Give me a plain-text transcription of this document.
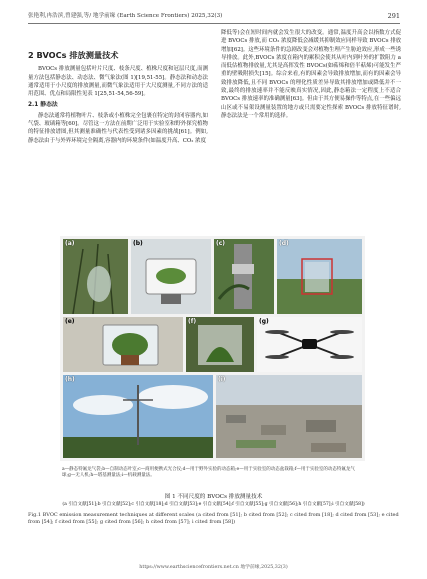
张艳利,冉浩滨,曾建强,等/ 地学前缘 (Earth Science Frontiers) 2025,32(3)	291
2 BVOCs 排放测量技术

BVOCs 排放测量包括叶片尺度、枝条尺度、植株尺度和冠层尺度,而测量方法包括静态法、动态法、微气象法(图 1)[19,51-55]。静态法和动态法通常适用于小尺度的排放测量,而微气象法适用于大尺度测量,不同方法的适用范围、优点和局限性见表 1[25,51-54,56-59]。

2.1 静态法

静态法通常将植物叶片、枝条或小植株完全包裹在特定的封闭容器内,如气袋、玻璃箱等[60]。尽管这一方法在前期广泛用于实验室和野外探究植物的特征排放谱图,但其测量准确性与代表性受到诸多因素的挑战[61]。例如,静态法由于与外界环境完全隔离,容器内的环境条件(如温度升高、CO₂ 浓度

降低等)会在短时间内就会发生很大的改变。通常,温度升高会以指数方式促进 BVOCs 排放,而 CO₂ 浓度降低会减缓其抑制效应同样导致 BVOCs 排放增加[62]。这些环境条件的急剧改变会对植物生理产生胁迫效应,形成一些诱导排放。此外,BVOCs 浓度在箱内的累积会使其从叶内到叶外的扩散阻力 a 而低估植物排放量,尤其是高挥发性 BVOCs(如萜烯和倍半萜烯)可能发生严重的壁吸附损失[15]。综合来看,有的因素会导致排放增加,而有的因素会导致排放降低,且不同 BVOCs 的理化性质差异导致其排放增加或降低并不一致,最终的排放速率并不能反映真实情况,因此,静态箱法一定程度上不适合 BVOCs 排放速率的准确测量[63]。但由于其方便易操作等特点,在一些偏远山区或不易架设测量装置的地方或只需要定性探索 BVOCs 排放特征谱时,静态法法是一个常用的选择。

(a)	(b)	(c)	(d)
(e)	(f)	(g)
(h)	(i)
a—静态特氟龙气袋;b—自制动态叶室;c—商用便携式光合仪;d—用于野外实验的动态箱;e—用于实验室的动态盆栽箱;f—用于实验室的动态特氟龙气球;g—无人机;h—塔基测量法;i—机载测量法。
图 1 不同尺度的 BVOCs 排放测量技术
(a 引自文献[51];b 引自文献[52];c 引自文献[18];d 引自文献[53];e 引自文献[54];f 引自文献[55];g 引自文献[56];h 引自文献[57];i 引自文献[58])
Fig.1 BVOC emission measurement techniques at different scales (a cited from [51]; b cited from [52]; c cited from [18]; d cited from [53]; e cited from [54]; f cited from [55]; g cited from [56]; h cited from [57]; i cited from [58])
https://www.earthsciencefrontiers.net.cn 地学前缘,2025,32(3)
